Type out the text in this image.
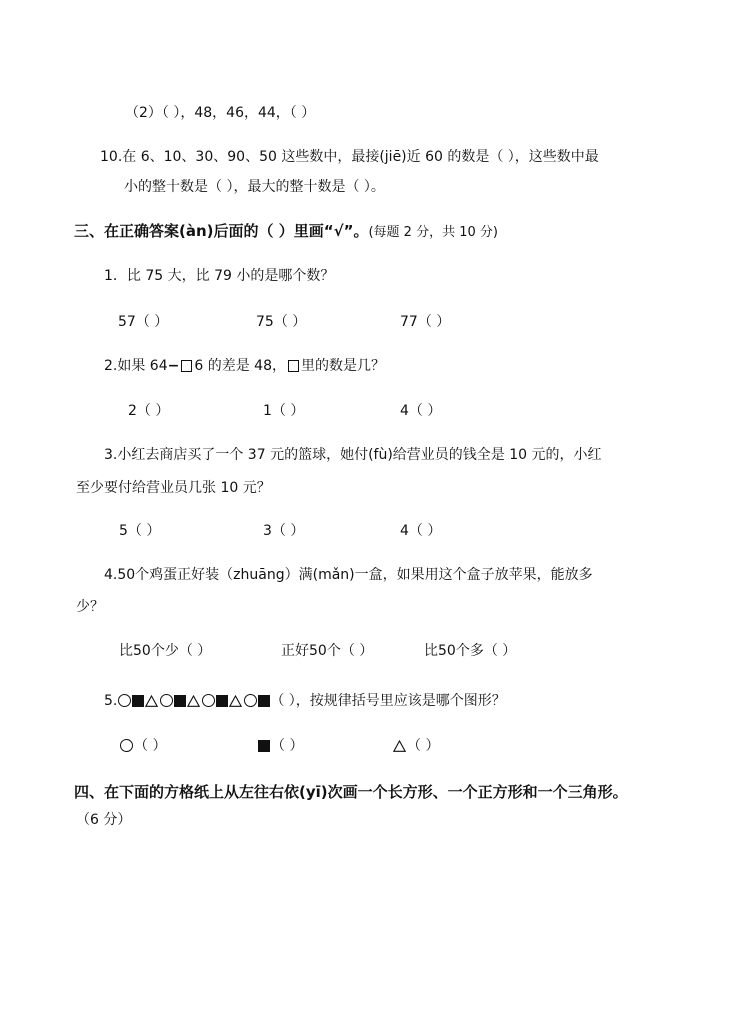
（2）（ ），48，46，44，（ ）
10.在 6、10、30、90、50 这些数中，最接(jiē)近 60 的数是（ ），这些数中最
小的整十数是（ ），最大的整十数是（ ）。
三、在正确答案(àn)后面的（ ）里画“√”。(每题 2 分，共 10 分)
1．比 75 大，比 79 小的是哪个数？
57（ ）	75（ ）	77（ ）
2.如果 64− 6 的差是 48， 里的数是几？
2（ ）	1（ ）	4（ ）
3.小红去商店买了一个 37 元的篮球，她付(fù)给营业员的钱全是 10 元的，小红
至少要付给营业员几张 10 元？
5（ ）	3（ ）	4（ ）
4.50个鸡蛋正好装（zhuāng）满(mǎn)一盒，如果用这个盒子放苹果，能放多
少？
比50个少（ ）	正好50个（ ）	比50个多（ ）
5.	（ ），按规律括号里应该是哪个图形？
（ ）	（ ）	（ ）
四、在下面的方格纸上从左往右依(yī)次画一个长方形、一个正方形和一个三角形。
（6 分）
